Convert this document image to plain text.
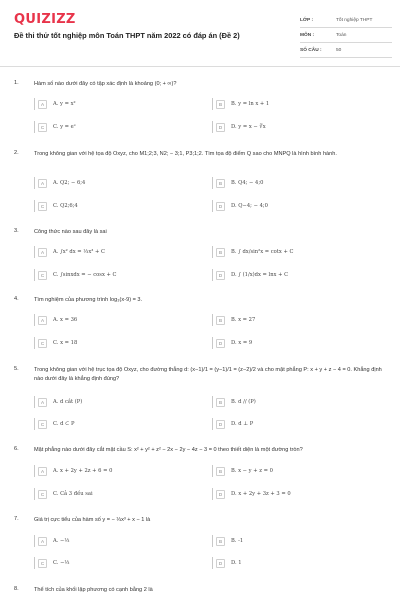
QUIZIZZ
Đề thi thử tốt nghiệp môn Toán THPT năm 2022 có đáp án (Đề 2)
LỚP :	Tốt nghiệp THPT
MÔN :	Toán
SỐ CÂU :	50
1.	Hàm số nào dưới đây có tập xác định là khoảng (0; + ∞)?
A	A. y = x²	B	B. y = ln x + 1
C	C. y = eˣ	D	D. y = x − ∛x
2.	Trong không gian với hệ tọa độ Oxyz, cho M1;2;3, N2; − 3;1, P3;1;2. Tìm tọa độ điểm Q sao cho MNPQ là hình bình hành.
A	A. Q2; − 6;4	B	B. Q4; − 4;0
C	C. Q2;6;4	D	D. Q−4; − 4;0
3.	Công thức nào sau đây là sai
A	A. ∫x² dx = ⅓x³ + C	B	B. ∫ dx/sin²x = cotx + C
C	C. ∫sinxdx = − cosx + C	D	D. ∫ (1/x)dx = lnx + C
4.	Tìm nghiệm của phương trình log₃(x-9) = 3.
A	A. x = 36	B	B. x = 27
C	C. x = 18	D	D. x = 9
5.	Trong không gian với hệ trục tọa độ Oxyz, cho đường thẳng d: (x−1)/1 = (y−1)/1 = (z−2)/2 và cho mặt phẳng P: x + y + z − 4 = 0. Khẳng định nào dưới đây là khẳng định đúng?
A	A. d cắt (P)	B	B. d // (P)
C	C. d ⊂ P	D	D. d ⊥ P
6.	Mặt phẳng nào dưới đây cắt mặt cầu S: x² + y² + z² − 2x − 2y − 4z − 3 = 0 theo thiết diện là một đường tròn?
A	A. x + 2y + 2z + 6 = 0	B	B. x − y + z = 0
C	C. Cả 3 đều sai	D	D. x + 2y + 3z + 3 = 0
7.	Giá trị cực tiểu của hàm số y = − ⅓x³ + x − 1 là
A	A. −⅓	B	B. -1
C	C. −⅓	D	D. 1
8.	Thể tích của khối lập phương có cạnh bằng 2 là
